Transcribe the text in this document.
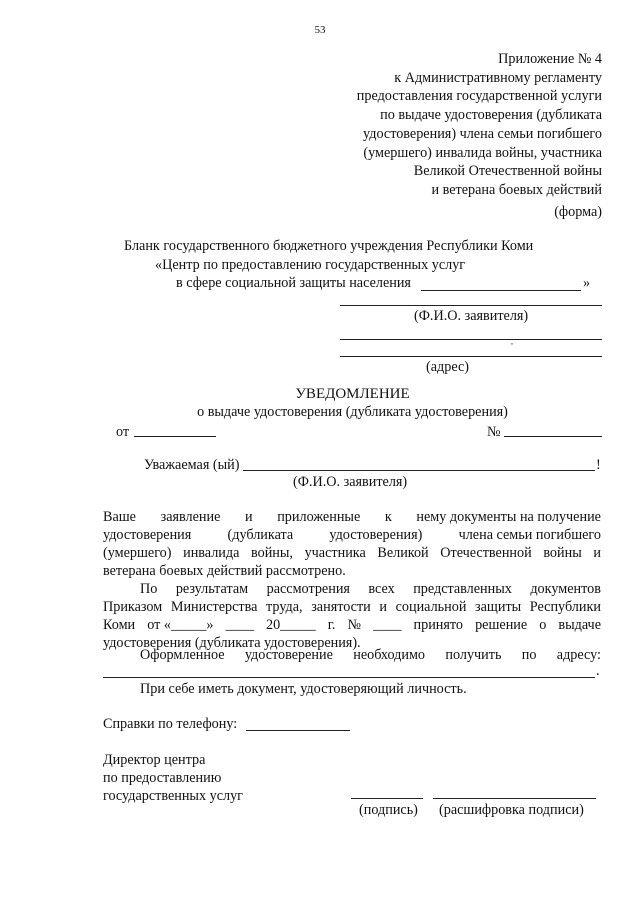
53
Приложение № 4
к Административному регламенту
предоставления государственной услуги
по выдаче удостоверения (дубликата
удостоверения) члена семьи погибшего
(умершего) инвалида войны, участника
Великой Отечественной войны
и ветерана боевых действий
(форма)
Бланк государственного бюджетного учреждения Республики Коми
«Центр по предоставлению государственных услуг
в сфере социальной защиты населения	»
(Ф.И.О. заявителя)
,
(адрес)
УВЕДОМЛЕНИЕ
о выдаче удостоверения (дубликата удостоверения)
от	№
Уважаемая (ый)	!
(Ф.И.О. заявителя)
Ваше заявление и приложенные к нему документы на получение
удостоверения	(дубликата	удостоверения)	члена семьи погибшего
(умершего) инвалида войны, участника Великой Отечественной войны и
ветерана боевых действий рассмотрено.
По результатам рассмотрения всех представленных документов
Приказом Министерства труда, занятости и социальной защиты Республики
Коми от «_____» ____ 20_____ г. № ____ принято решение о выдаче
удостоверения (дубликата удостоверения).
Оформленное удостоверение необходимо получить по адресу:
.
При себе иметь документ, удостоверяющий личность.
Справки по телефону:
Директор центра
по предоставлению
государственных услуг
(подпись) (расшифровка подписи)
